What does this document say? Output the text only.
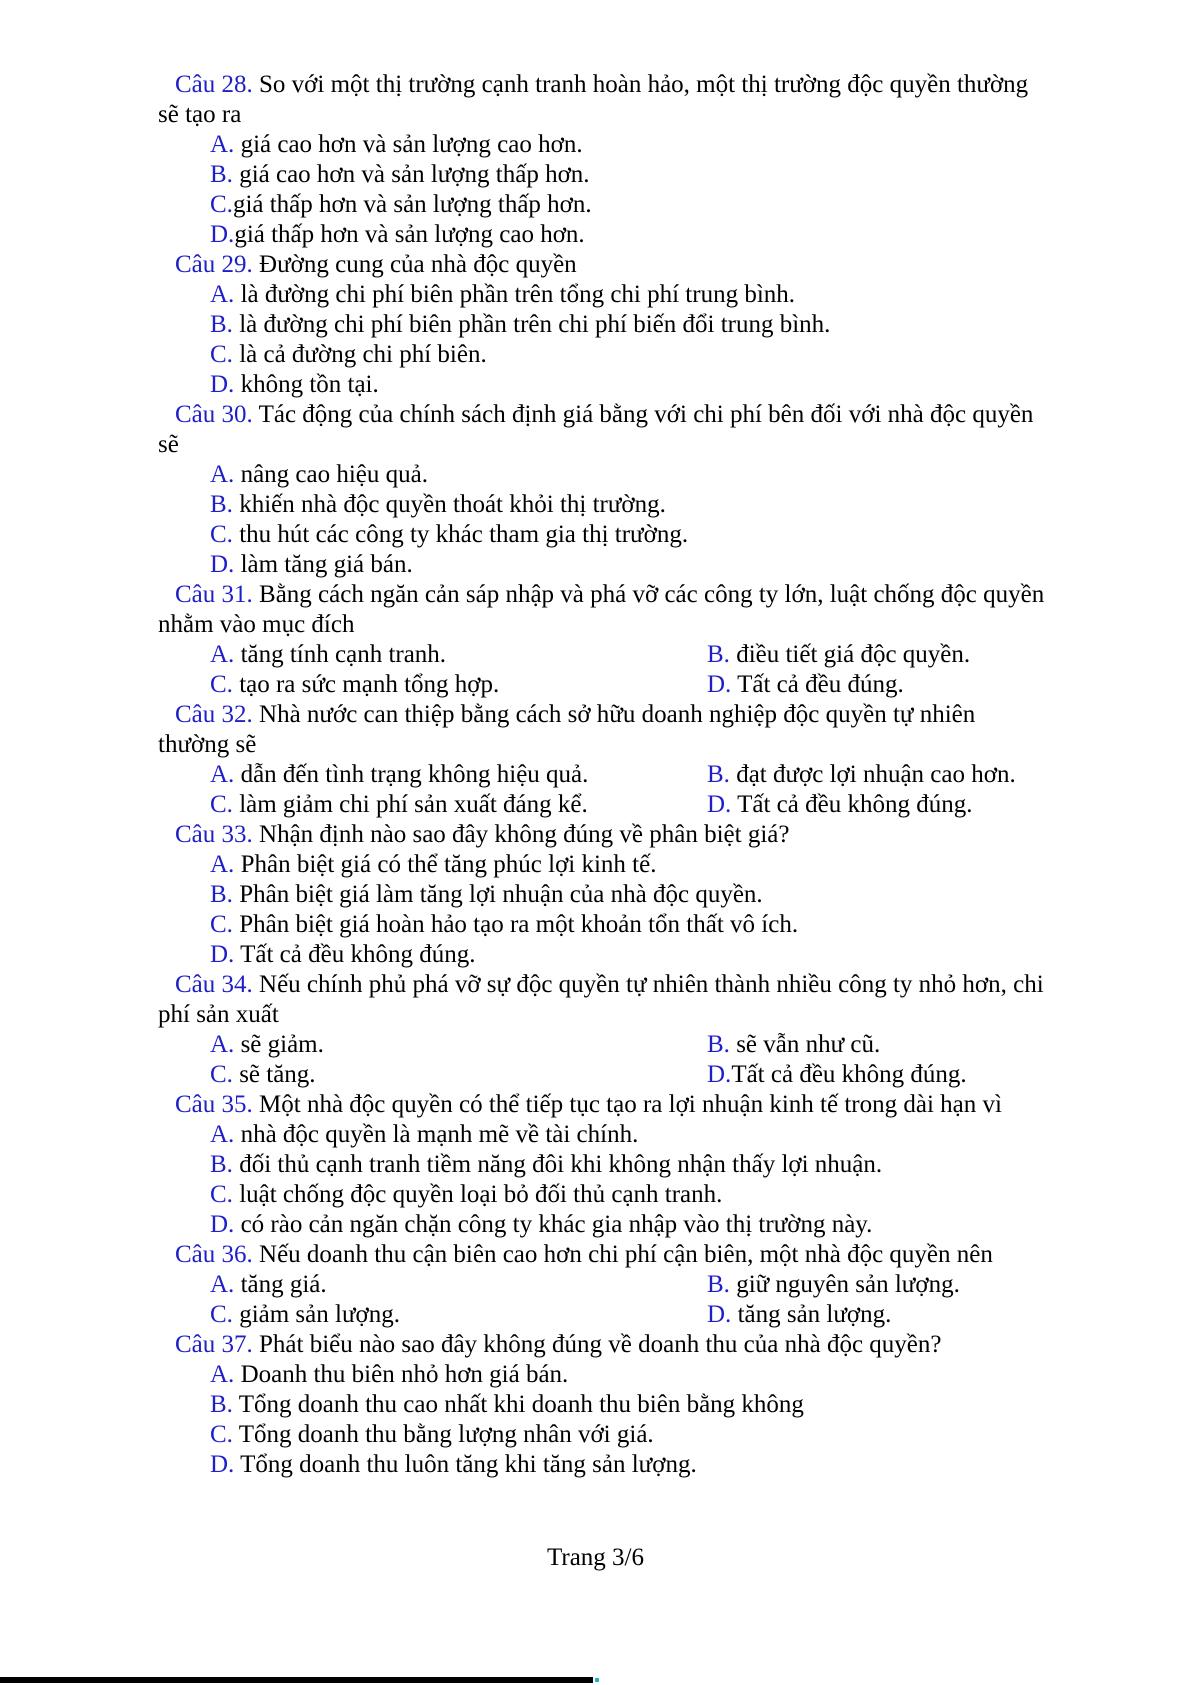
Câu 28. So với một thị trường cạnh tranh hoàn hảo, một thị trường độc quyền thường
sẽ tạo ra
A. giá cao hơn và sản lượng cao hơn.
B. giá cao hơn và sản lượng thấp hơn.
C.giá thấp hơn và sản lượng thấp hơn.
D.giá thấp hơn và sản lượng cao hơn.
Câu 29. Đường cung của nhà độc quyền
A. là đường chi phí biên phần trên tổng chi phí trung bình.
B. là đường chi phí biên phần trên chi phí biến đổi trung bình.
C. là cả đường chi phí biên.
D. không tồn tại.
Câu 30. Tác động của chính sách định giá bằng với chi phí bên đối với nhà độc quyền
sẽ
A. nâng cao hiệu quả.
B. khiến nhà độc quyền thoát khỏi thị trường.
C. thu hút các công ty khác tham gia thị trường.
D. làm tăng giá bán.
Câu 31. Bằng cách ngăn cản sáp nhập và phá vỡ các công ty lớn, luật chống độc quyền
nhằm vào mục đích
A. tăng tính cạnh tranh.	B. điều tiết giá độc quyền.
C. tạo ra sức mạnh tổng hợp.	D. Tất cả đều đúng.
Câu 32. Nhà nước can thiệp bằng cách sở hữu doanh nghiệp độc quyền tự nhiên
thường sẽ
A. dẫn đến tình trạng không hiệu quả.	B. đạt được lợi nhuận cao hơn.
C. làm giảm chi phí sản xuất đáng kể.	D. Tất cả đều không đúng.
Câu 33. Nhận định nào sao đây không đúng về phân biệt giá?
A. Phân biệt giá có thể tăng phúc lợi kinh tế.
B. Phân biệt giá làm tăng lợi nhuận của nhà độc quyền.
C. Phân biệt giá hoàn hảo tạo ra một khoản tổn thất vô ích.
D. Tất cả đều không đúng.
Câu 34. Nếu chính phủ phá vỡ sự độc quyền tự nhiên thành nhiều công ty nhỏ hơn, chi
phí sản xuất
A. sẽ giảm.	B. sẽ vẫn như cũ.
C. sẽ tăng.	D.Tất cả đều không đúng.
Câu 35. Một nhà độc quyền có thể tiếp tục tạo ra lợi nhuận kinh tế trong dài hạn vì
A. nhà độc quyền là mạnh mẽ về tài chính.
B. đối thủ cạnh tranh tiềm năng đôi khi không nhận thấy lợi nhuận.
C. luật chống độc quyền loại bỏ đối thủ cạnh tranh.
D. có rào cản ngăn chặn công ty khác gia nhập vào thị trường này.
Câu 36. Nếu doanh thu cận biên cao hơn chi phí cận biên, một nhà độc quyền nên
A. tăng giá.	B. giữ nguyên sản lượng.
C. giảm sản lượng.	D. tăng sản lượng.
Câu 37. Phát biểu nào sao đây không đúng về doanh thu của nhà độc quyền?
A. Doanh thu biên nhỏ hơn giá bán.
B. Tổng doanh thu cao nhất khi doanh thu biên bằng không
C. Tổng doanh thu bằng lượng nhân với giá.
D. Tổng doanh thu luôn tăng khi tăng sản lượng.
Trang 3/6
